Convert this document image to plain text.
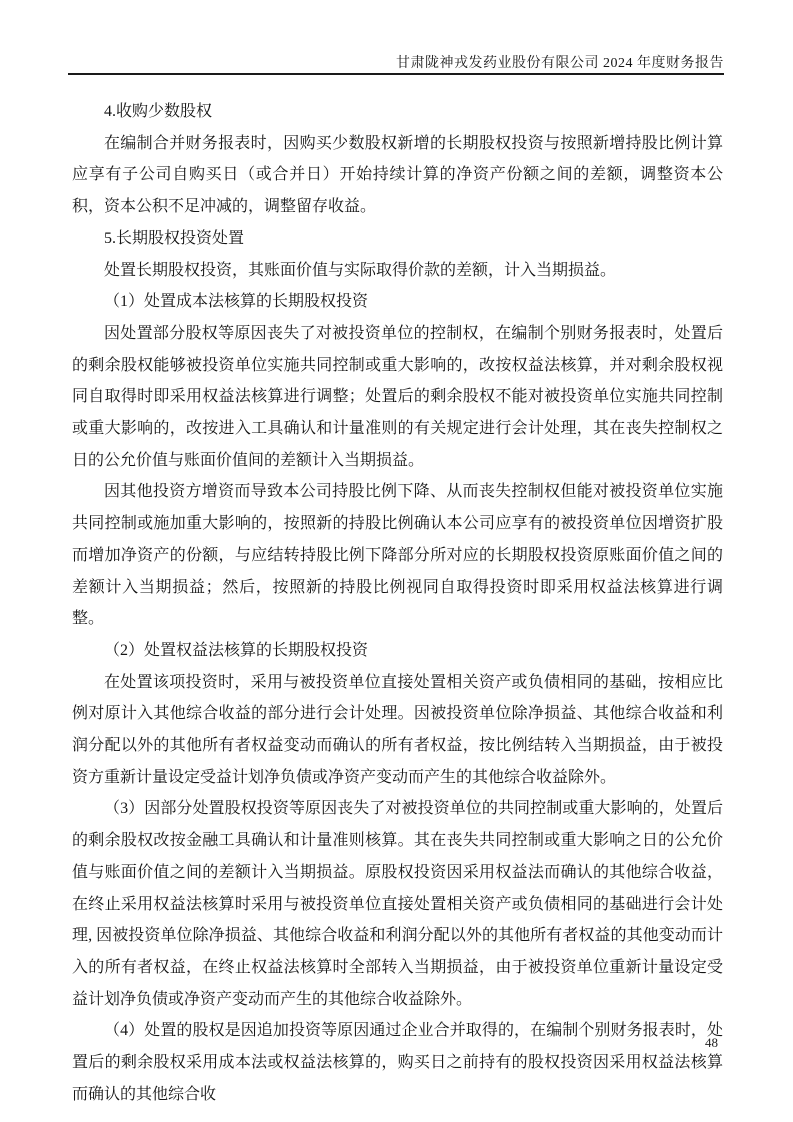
甘肃陇神戎发药业股份有限公司 2024 年度财务报告

4.收购少数股权

在编制合并财务报表时，因购买少数股权新增的长期股权投资与按照新增持股比例计算应享有子公司自购买日（或合并日）开始持续计算的净资产份额之间的差额，调整资本公积，资本公积不足冲减的，调整留存收益。

5.长期股权投资处置

处置长期股权投资，其账面价值与实际取得价款的差额，计入当期损益。

（1）处置成本法核算的长期股权投资

因处置部分股权等原因丧失了对被投资单位的控制权，在编制个别财务报表时，处置后的剩余股权能够被投资单位实施共同控制或重大影响的，改按权益法核算，并对剩余股权视同自取得时即采用权益法核算进行调整；处置后的剩余股权不能对被投资单位实施共同控制或重大影响的，改按进入工具确认和计量准则的有关规定进行会计处理，其在丧失控制权之日的公允价值与账面价值间的差额计入当期损益。

因其他投资方增资而导致本公司持股比例下降、从而丧失控制权但能对被投资单位实施共同控制或施加重大影响的，按照新的持股比例确认本公司应享有的被投资单位因增资扩股而增加净资产的份额，与应结转持股比例下降部分所对应的长期股权投资原账面价值之间的差额计入当期损益；然后，按照新的持股比例视同自取得投资时即采用权益法核算进行调整。

（2）处置权益法核算的长期股权投资

在处置该项投资时，采用与被投资单位直接处置相关资产或负债相同的基础，按相应比例对原计入其他综合收益的部分进行会计处理。因被投资单位除净损益、其他综合收益和利润分配以外的其他所有者权益变动而确认的所有者权益，按比例结转入当期损益，由于被投资方重新计量设定受益计划净负债或净资产变动而产生的其他综合收益除外。

（3）因部分处置股权投资等原因丧失了对被投资单位的共同控制或重大影响的，处置后的剩余股权改按金融工具确认和计量准则核算。其在丧失共同控制或重大影响之日的公允价值与账面价值之间的差额计入当期损益。原股权投资因采用权益法而确认的其他综合收益，在终止采用权益法核算时采用与被投资单位直接处置相关资产或负债相同的基础进行会计处理, 因被投资单位除净损益、其他综合收益和利润分配以外的其他所有者权益的其他变动而计入的所有者权益，在终止权益法核算时全部转入当期损益，由于被投资单位重新计量设定受益计划净负债或净资产变动而产生的其他综合收益除外。

（4）处置的股权是因追加投资等原因通过企业合并取得的，在编制个别财务报表时，处置后的剩余股权采用成本法或权益法核算的，购买日之前持有的股权投资因采用权益法核算而确认的其他综合收

48
